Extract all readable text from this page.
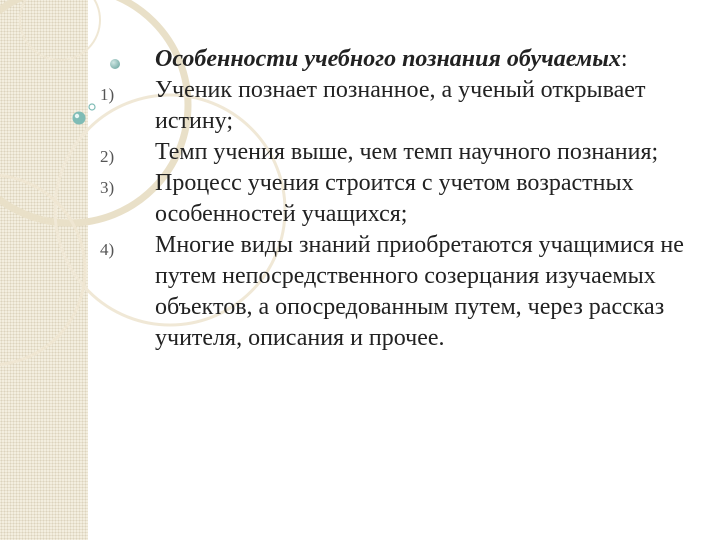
Особенности учебного познания обучаемых:
1)	Ученик познает познанное, а ученый открывает истину;
2)	Темп учения выше, чем темп научного познания;
3)	Процесс учения строится с учетом возрастных особенностей учащихся;
4)	Многие виды знаний приобретаются учащимися не путем непосредственного созерцания изучаемых объектов, а опосредованным путем, через рассказ учителя, описания и прочее.
